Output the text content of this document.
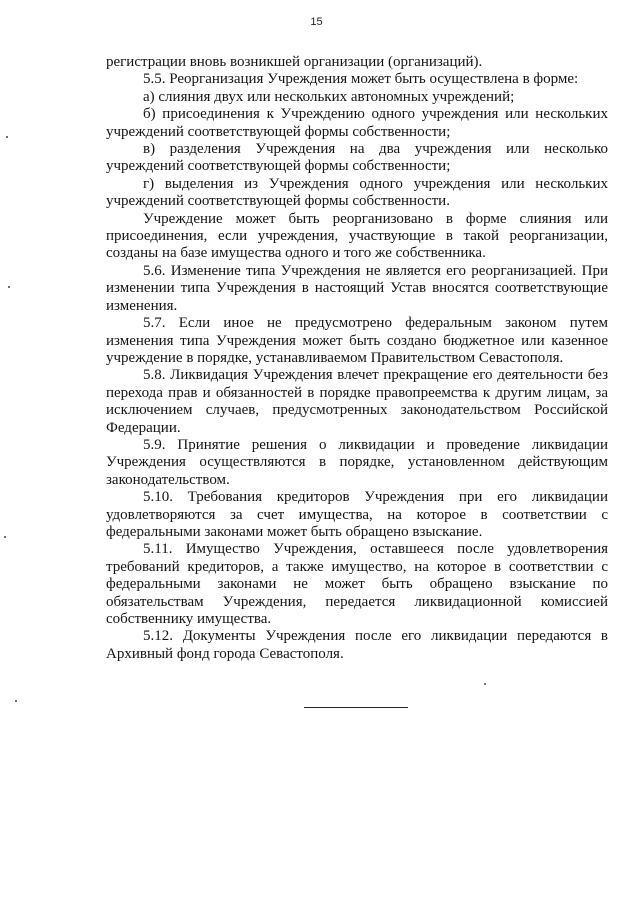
15

регистрации вновь возникшей организации (организаций).

5.5. Реорганизация Учреждения может быть осуществлена в форме:

а) слияния двух или нескольких автономных учреждений;

б) присоединения к Учреждению одного учреждения или нескольких учреждений соответствующей формы собственности;

в) разделения Учреждения на два учреждения или несколько учреждений соответствующей формы собственности;

г) выделения из Учреждения одного учреждения или нескольких учреждений соответствующей формы собственности.

Учреждение может быть реорганизовано в форме слияния или присоединения, если учреждения, участвующие в такой реорганизации, созданы на базе имущества одного и того же собственника.

5.6. Изменение типа Учреждения не является его реорганизацией. При изменении типа Учреждения в настоящий Устав вносятся соответствующие изменения.

5.7. Если иное не предусмотрено федеральным законом путем изменения типа Учреждения может быть создано бюджетное или казенное учреждение в порядке, устанавливаемом Правительством Севастополя.

5.8. Ликвидация Учреждения влечет прекращение его деятельности без перехода прав и обязанностей в порядке правопреемства к другим лицам, за исключением случаев, предусмотренных законодательством Российской Федерации.

5.9. Принятие решения о ликвидации и проведение ликвидации Учреждения осуществляются в порядке, установленном действующим законодательством.

5.10. Требования кредиторов Учреждения при его ликвидации удовлетворяются за счет имущества, на которое в соответствии с федеральными законами может быть обращено взыскание.

5.11. Имущество Учреждения, оставшееся после удовлетворения требований кредиторов, а также имущество, на которое в соответствии с федеральными законами не может быть обращено взыскание по обязательствам Учреждения, передается ликвидационной комиссией собственнику имущества.

5.12. Документы Учреждения после его ликвидации передаются в Архивный фонд города Севастополя.
